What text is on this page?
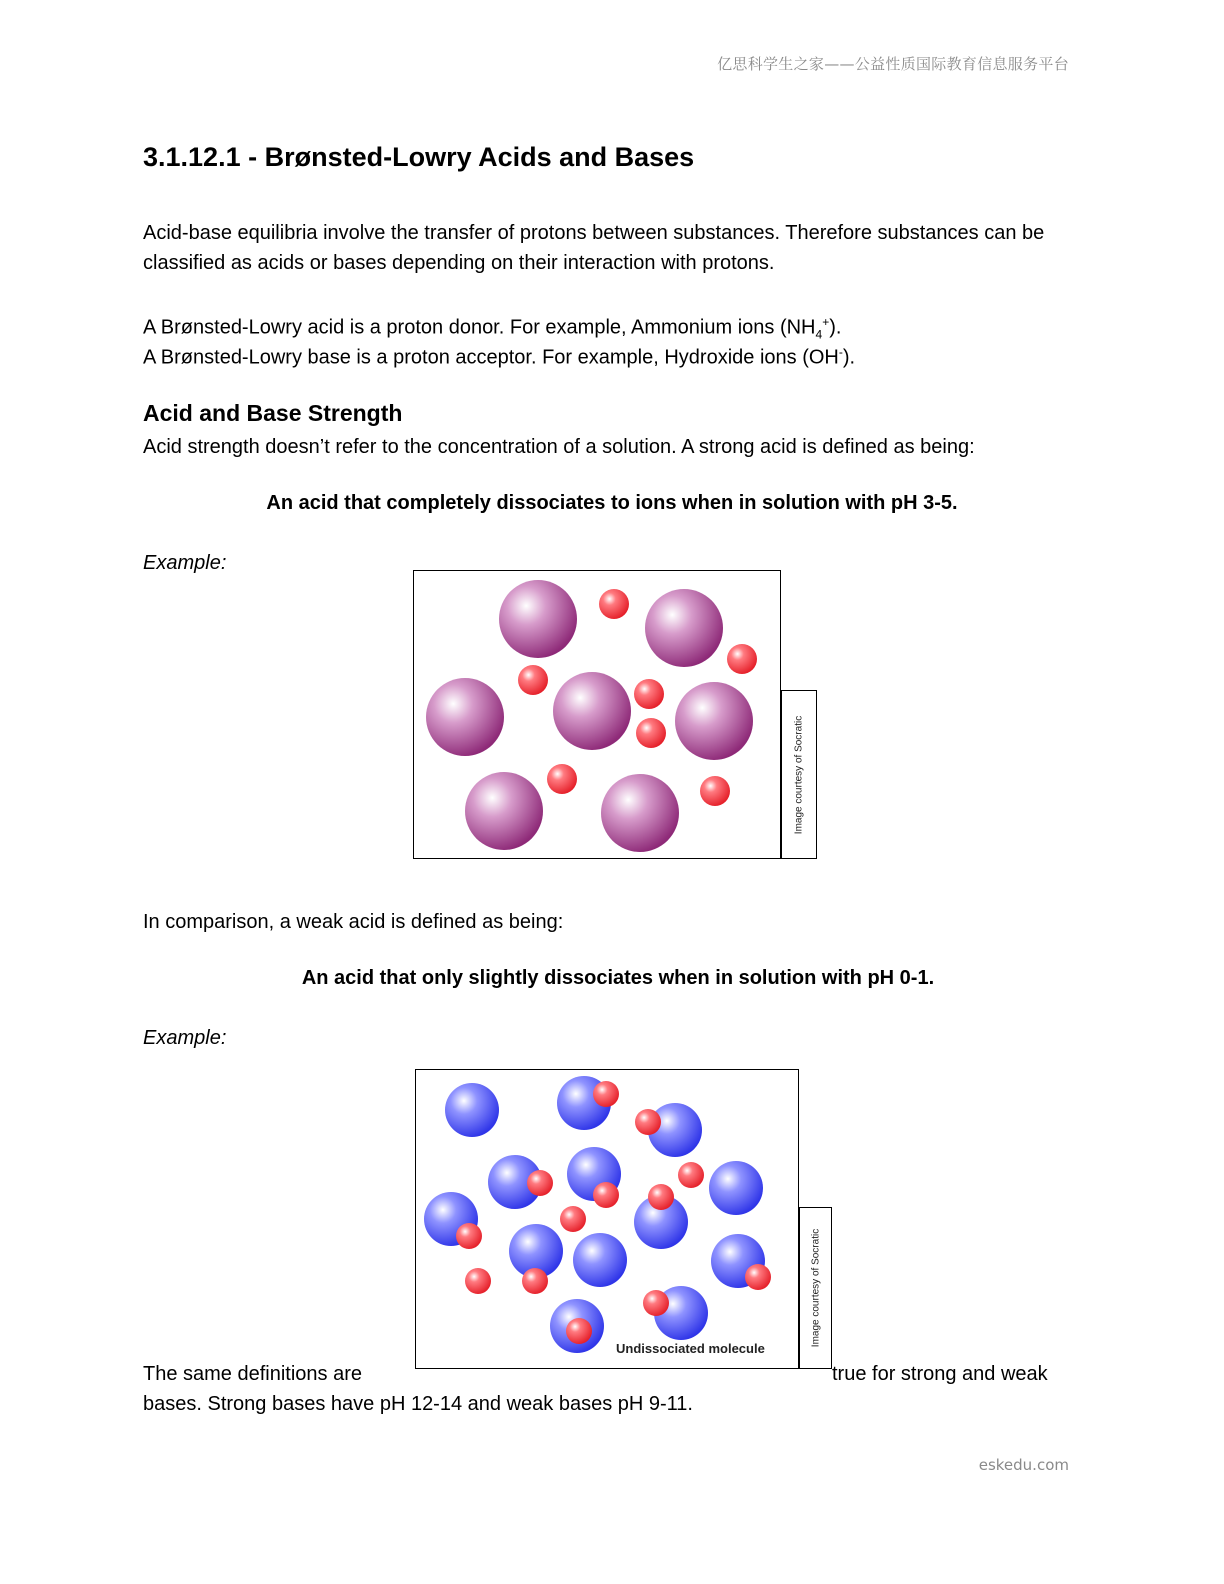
亿思科学生之家——公益性质国际教育信息服务平台
3.1.12.1 - Brønsted-Lowry Acids and Bases
Acid-base equilibria involve the transfer of protons between substances. Therefore substances can be classified as acids or bases depending on their interaction with protons.
A Brønsted-Lowry acid is a proton donor. For example, Ammonium ions $(NH_4^+)$.
A Brønsted-Lowry base is a proton acceptor. For example, Hydroxide ions (OH-).
Acid and Base Strength
Acid strength doesn’t refer to the concentration of a solution. A strong acid is defined as being:
An acid that completely dissociates to ions when in solution with pH 3-5.
Example:
Image courtesy of Socratic
In comparison, a weak acid is defined as being:
An acid that only slightly dissociates when in solution with pH 0-1.
Example:
Undissociated molecule
Image courtesy of Socratic
The same definitions are	true for strong and weak
bases. Strong bases have pH 12-14 and weak bases pH 9-11.
eskedu.com
